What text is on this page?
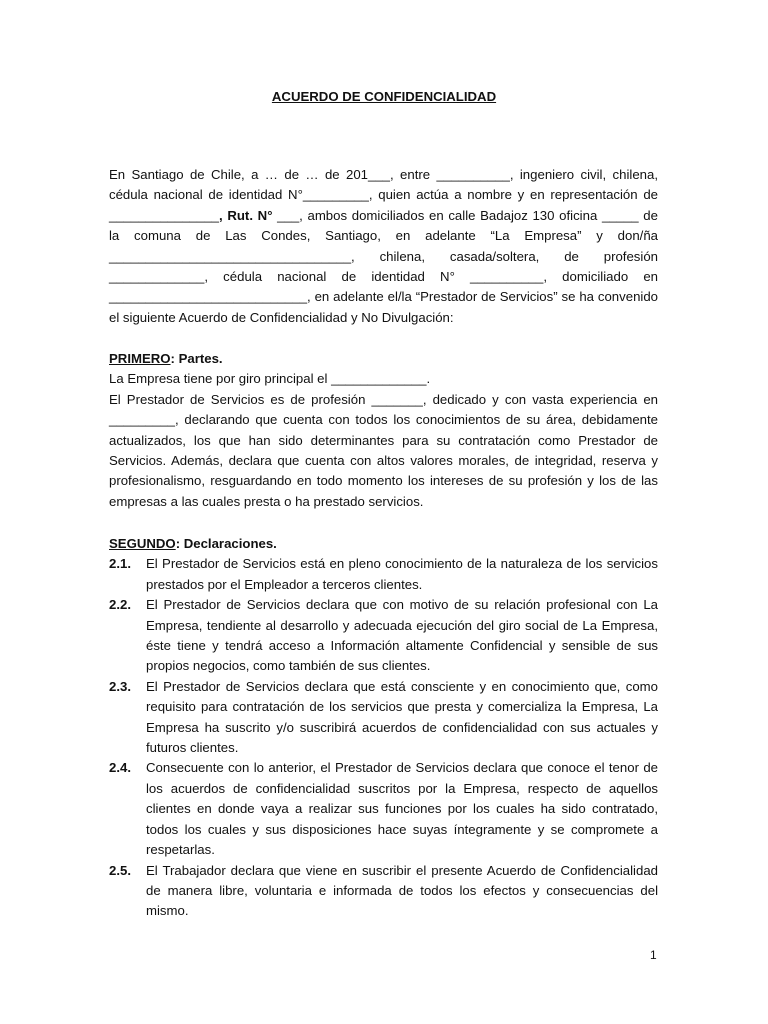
ACUERDO DE CONFIDENCIALIDAD

En Santiago de Chile, a … de … de 201___, entre __________, ingeniero civil, chilena, cédula nacional de identidad N°_________, quien actúa a nombre y en representación de _______________, Rut. N° ___, ambos domiciliados en calle Badajoz 130 oficina _____ de la comuna de Las Condes, Santiago, en adelante “La Empresa” y don/ña _________________________________, chilena, casada/soltera, de profesión _____________, cédula nacional de identidad N° __________, domiciliado en ___________________________, en adelante el/la “Prestador de Servicios” se ha convenido el siguiente Acuerdo de Confidencialidad y No Divulgación:

PRIMERO: Partes.

La Empresa tiene por giro principal el _____________.

El Prestador de Servicios es de profesión _______, dedicado y con vasta experiencia en _________, declarando que cuenta con todos los conocimientos de su área, debidamente actualizados, los que han sido determinantes para su contratación como Prestador de Servicios. Además, declara que cuenta con altos valores morales, de integridad, reserva y profesionalismo, resguardando en todo momento los intereses de su profesión y los de las empresas a las cuales presta o ha prestado servicios.

SEGUNDO: Declaraciones.

2.1.	El Prestador de Servicios está en pleno conocimiento de la naturaleza de los servicios prestados por el Empleador a terceros clientes.
2.2.	El Prestador de Servicios declara que con motivo de su relación profesional con La Empresa, tendiente al desarrollo y adecuada ejecución del giro social de La Empresa, éste tiene y tendrá acceso a Información altamente Confidencial y sensible de sus propios negocios, como también de sus clientes.
2.3.	El Prestador de Servicios declara que está consciente y en conocimiento que, como requisito para contratación de los servicios que presta y comercializa la Empresa, La Empresa ha suscrito y/o suscribirá acuerdos de confidencialidad con sus actuales y futuros clientes.
2.4.	Consecuente con lo anterior, el Prestador de Servicios declara que conoce el tenor de los acuerdos de confidencialidad suscritos por la Empresa, respecto de aquellos clientes en donde vaya a realizar sus funciones por los cuales ha sido contratado, todos los cuales y sus disposiciones hace suyas íntegramente y se compromete a respetarlas.
2.5.	El Trabajador declara que viene en suscribir el presente Acuerdo de Confidencialidad de manera libre, voluntaria e informada de todos los efectos y consecuencias del mismo.
1
